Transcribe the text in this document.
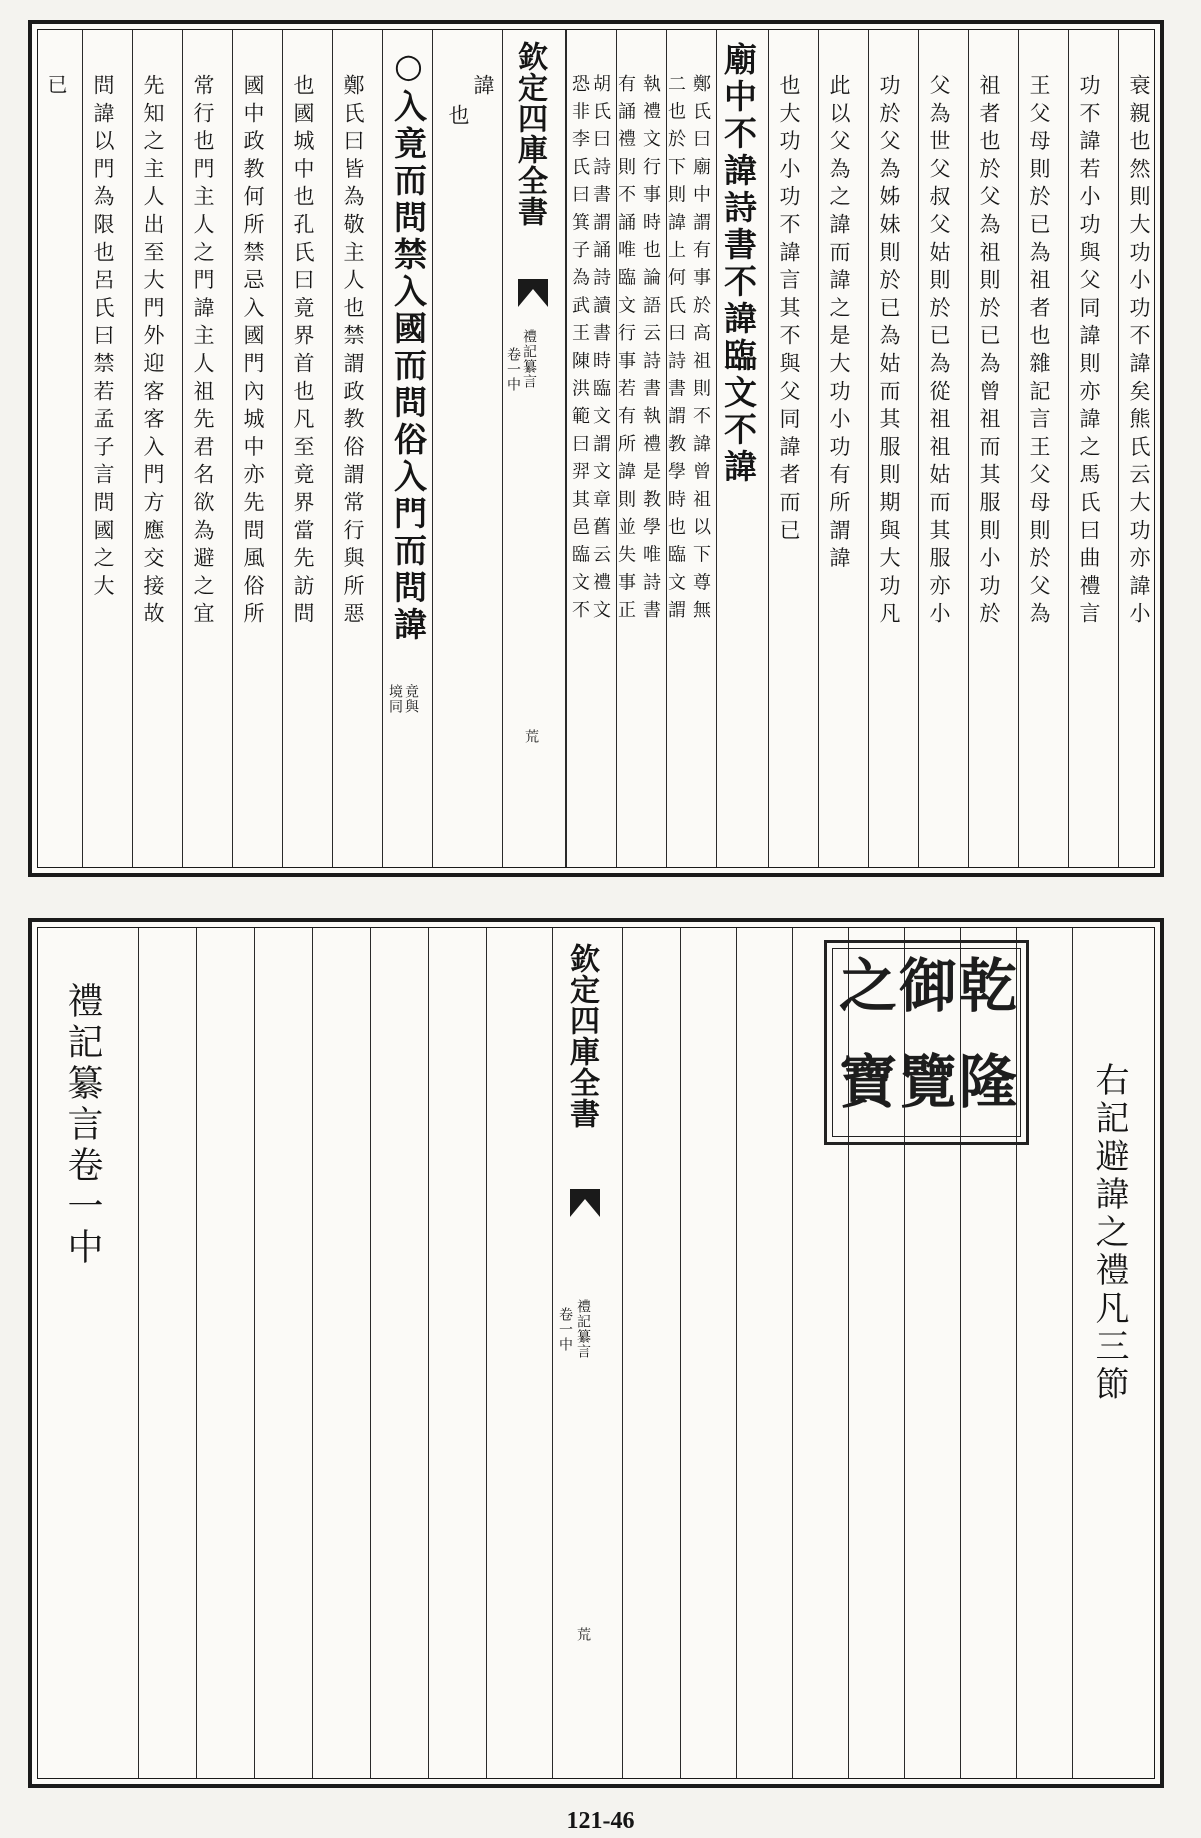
衰親也然則大功小功不諱矣熊氏云大功亦諱小
功不諱若小功與父同諱則亦諱之馬氏曰曲禮言
王父母則於已為祖者也雜記言王父母則於父為
祖者也於父為祖則於已為曾祖而其服則小功於
父為世父叔父姑則於已為從祖祖姑而其服亦小
功於父為姊妹則於已為姑而其服則期與大功凡
此以父為之諱而諱之是大功小功有所謂諱
也大功小功不諱言其不與父同諱者而已
廟中不諱詩書不諱臨文不諱
欽定四庫全書
禮記纂言
卷一中
荒
諱
也
○入竟而問禁入國而問俗入門而問諱
竟與
境同
鄭氏曰皆為敬主人也禁謂政教俗謂常行與所惡
也國城中也孔氏曰竟界首也凡至竟界當先訪問
國中政教何所禁忌入國門內城中亦先問風俗所
常行也門主人之門諱主人祖先君名欲為避之宜
先知之主人出至大門外迎客客入門方應交接故
問諱以門為限也呂氏曰禁若孟子言問國之大
已	鄭氏曰廟中謂有事於高祖則不諱曾祖以下尊無
二也於下則諱上何氏曰詩書謂教學時也臨文謂
執禮文行事時也論語云詩書執禮是教學唯詩書
有誦禮則不誦唯臨文行事若有所諱則並失事正
胡氏曰詩書謂誦詩讀書時臨文謂文章舊云禮文
恐非李氏曰箕子為武王陳洪範曰羿其邑臨文不
右記避諱之禮凡三節
乾
隆
御
覽
之
寶
欽定四庫全書
禮記纂言
卷一中
荒
禮記纂言卷一中
121-46
